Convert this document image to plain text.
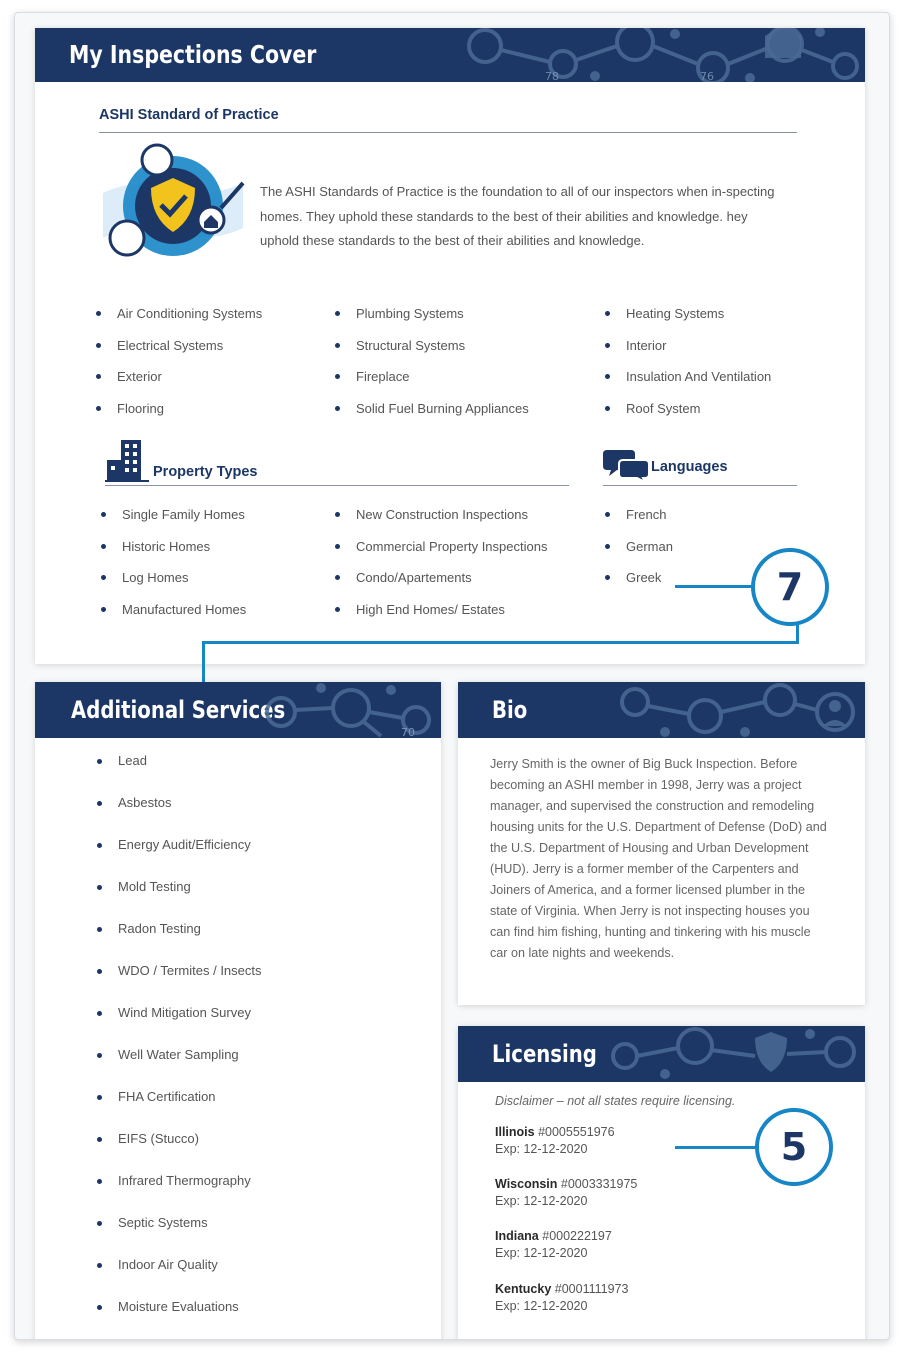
My Inspections Cover
78	76
ASHI Standard of Practice
The ASHI Standards of Practice is the foundation to all of our inspectors when in-specting homes. They uphold these standards to the best of their abilities and knowledge. hey uphold these standards to the best of their abilities and knowledge.
Air Conditioning Systems
Electrical Systems
Exterior
Flooring
Plumbing Systems
Structural Systems
Fireplace
Solid Fuel Burning Appliances
Heating Systems
Interior
Insulation And Ventilation
Roof System
Property Types	Languages
Single Family Homes
Historic Homes
Log Homes
Manufactured Homes
New Construction Inspections
Commercial Property Inspections
Condo/Apartements
High End Homes/ Estates
French
German
Greek	7
Additional Services
70
Lead
Asbestos
Energy Audit/Efficiency
Mold Testing
Radon Testing
WDO / Termites / Insects
Wind Mitigation Survey
Well Water Sampling
FHA Certification
EIFS (Stucco)
Infrared Thermography
Septic Systems
Indoor Air Quality
Moisture Evaluations
Bio
Jerry Smith is the owner of Big Buck Inspection. Before becoming an ASHI member in 1998, Jerry was a project manager, and supervised the construction and remodeling housing units for the U.S. Department of Defense (DoD) and the U.S. Department of Housing and Urban Development (HUD). Jerry is a former member of the Carpenters and Joiners of America, and a former licensed plumber in the state of Virginia. When Jerry is not inspecting houses you can find him fishing, hunting and tinkering with his muscle car on late nights and weekends.
Licensing
Disclaimer – not all states require licensing.
Illinois #0005551976
Exp: 12-12-2020
Wisconsin #0003331975
Exp: 12-12-2020
Indiana #000222197
Exp: 12-12-2020
Kentucky #0001111973
Exp: 12-12-2020
5
